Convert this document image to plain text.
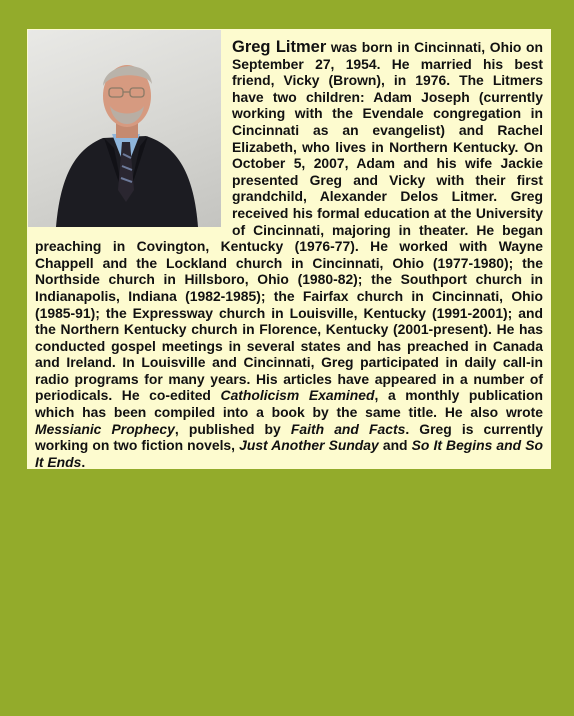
Greg Litmer was born in Cincinnati, Ohio on September 27, 1954. He married his best friend, Vicky (Brown), in 1976. The Litmers have two children: Adam Joseph (currently working with the Evendale congregation in Cincinnati as an evangelist) and Rachel Elizabeth, who lives in Northern Kentucky. On October 5, 2007, Adam and his wife Jackie presented Greg and Vicky with their first grandchild, Alexander Delos Litmer. Greg received his formal education at the University of Cincinnati, majoring in theater. He began preaching in Covington, Kentucky (1976-77). He worked with Wayne Chappell and the Lockland church in Cincinnati, Ohio (1977-1980); the Northside church in Hillsboro, Ohio (1980-82); the Southport church in Indianapolis, Indiana (1982-1985); the Fairfax church in Cincinnati, Ohio (1985-91); the Expressway church in Louisville, Kentucky (1991-2001); and the Northern Kentucky church in Florence, Kentucky (2001-present). He has conducted gospel meetings in several states and has preached in Canada and Ireland. In Louisville and Cincinnati, Greg participated in daily call-in radio programs for many years. His articles have appeared in a number of periodicals. He co-edited Catholicism Examined, a monthly publication which has been compiled into a book by the same title. He also wrote Messianic Prophecy, published by Faith and Facts. Greg is currently working on two fiction novels, Just Another Sunday and So It Begins and So It Ends.
